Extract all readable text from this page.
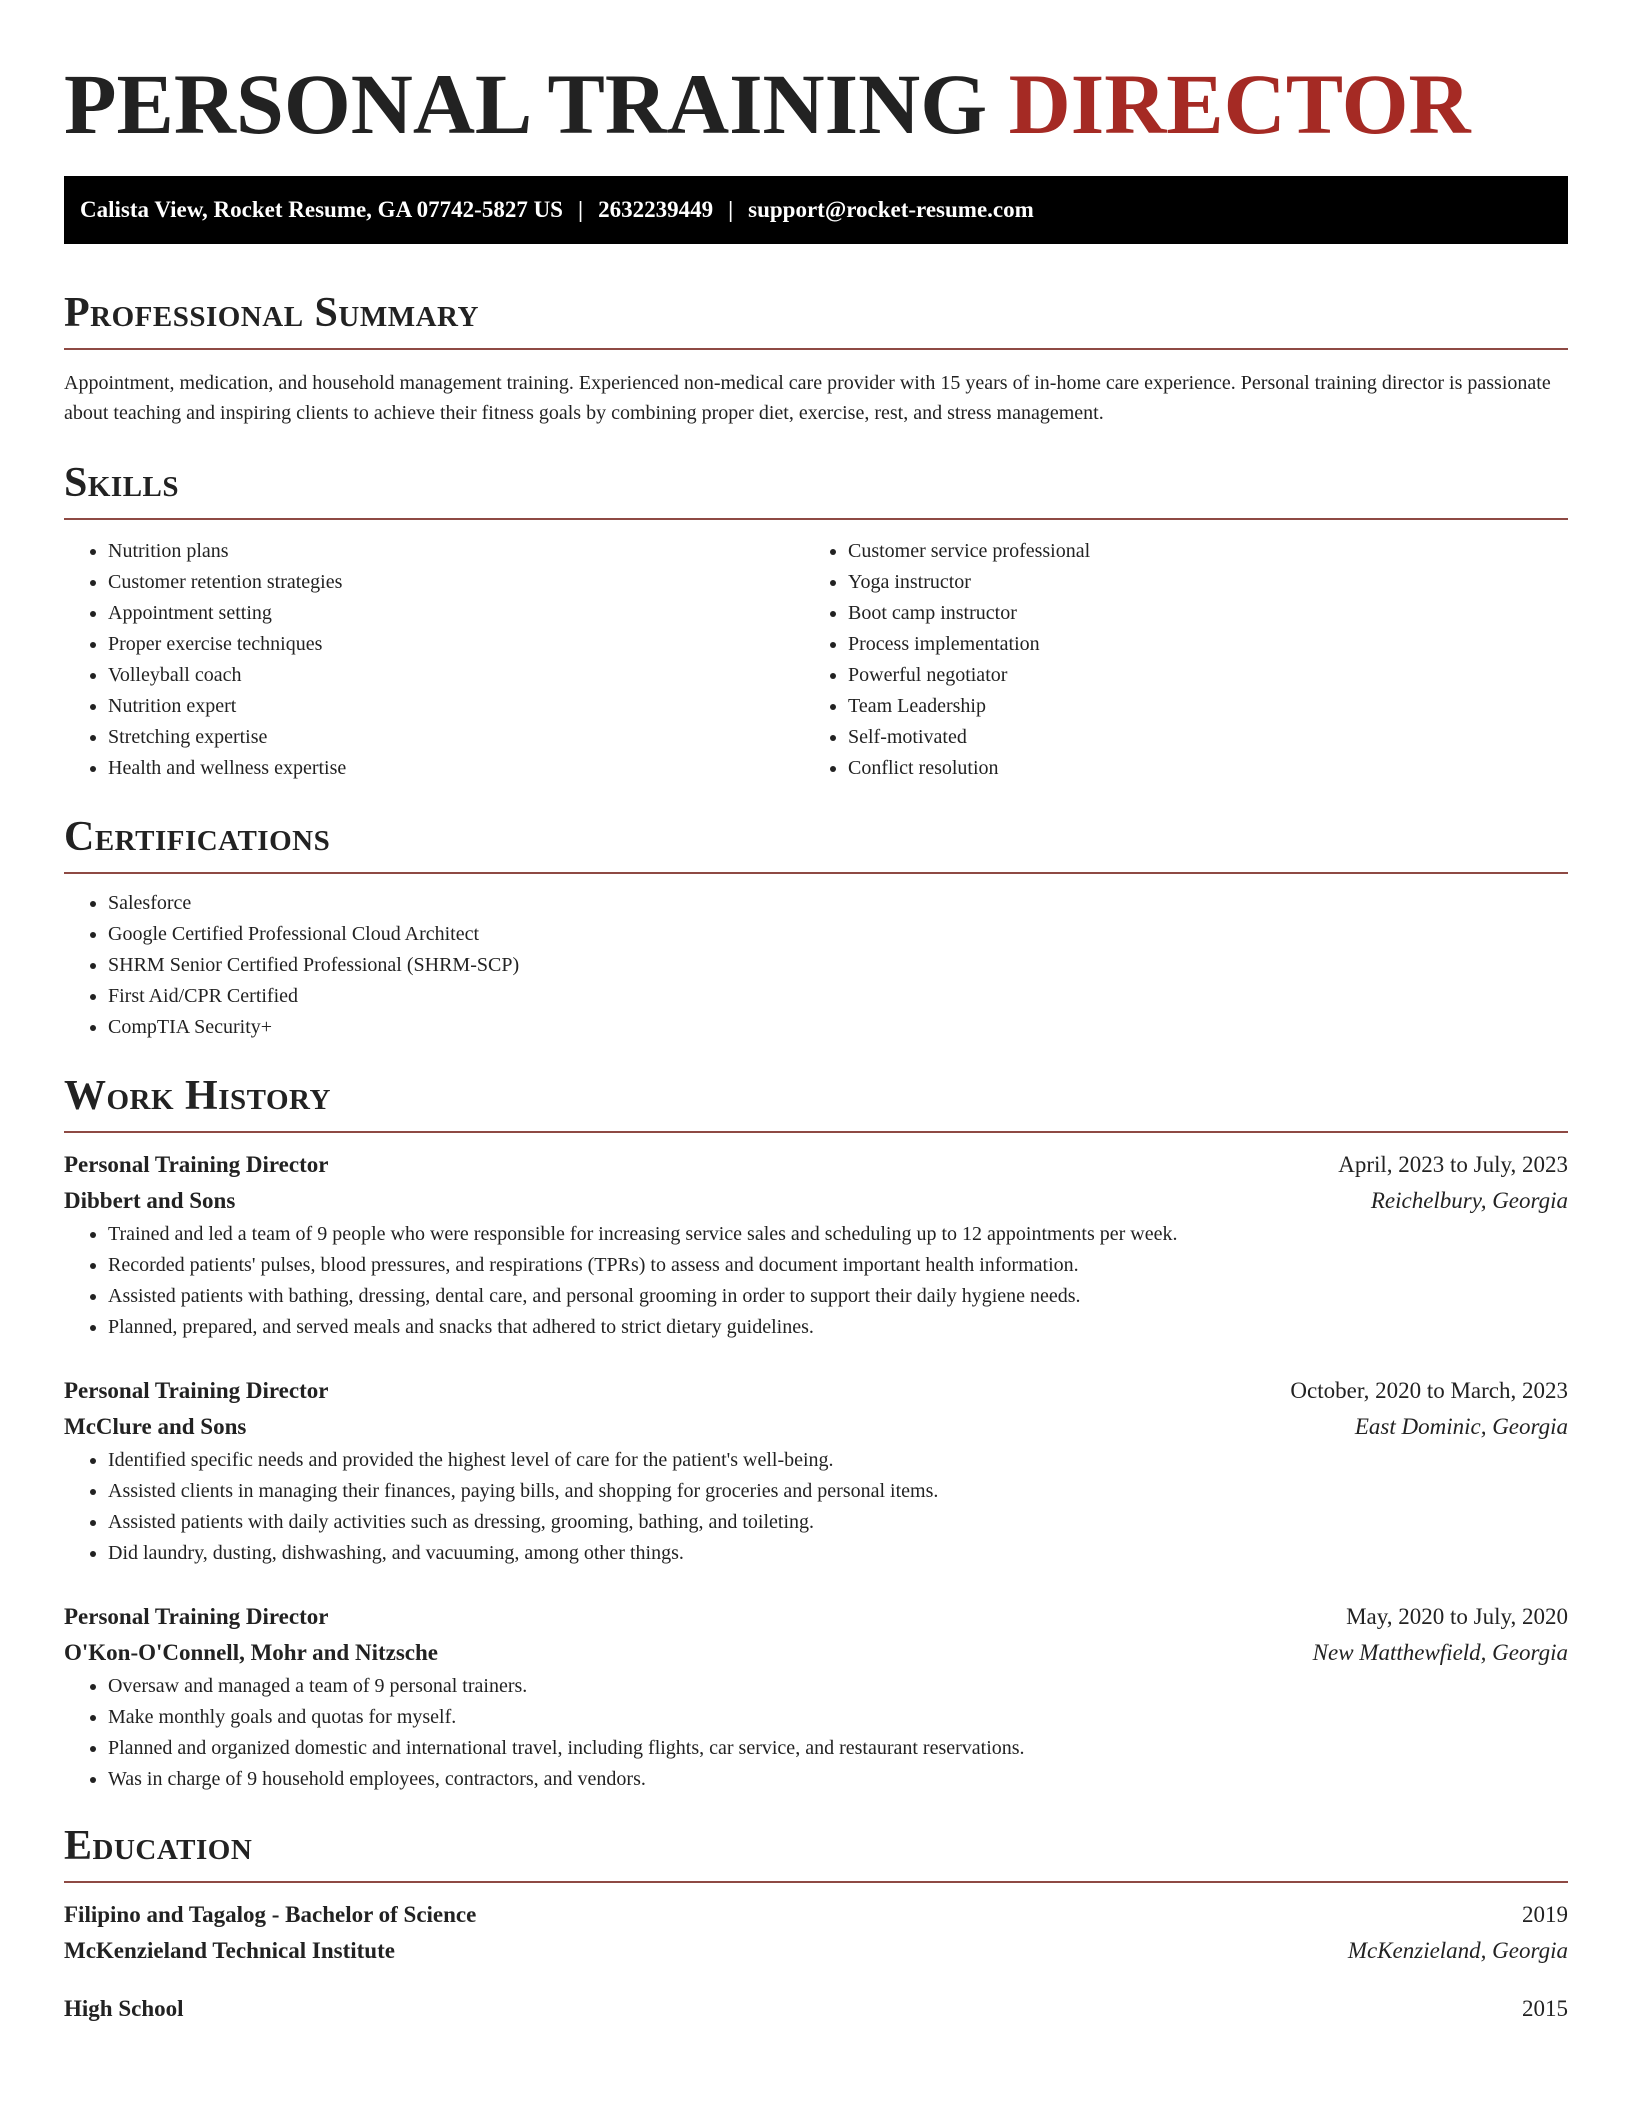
PERSONAL TRAINING DIRECTOR
Calista View, Rocket Resume, GA 07742-5827 US | 2632239449 | support@rocket-resume.com
Professional Summary

Appointment, medication, and household management training. Experienced non-medical care provider with 15 years of in-home care experience. Personal training director is passionate about teaching and inspiring clients to achieve their fitness goals by combining proper diet, exercise, rest, and stress management.

Skills
• Nutrition plans
• Customer retention strategies
• Appointment setting
• Proper exercise techniques
• Volleyball coach
• Nutrition expert
• Stretching expertise
• Health and wellness expertise
• Customer service professional
• Yoga instructor
• Boot camp instructor
• Process implementation
• Powerful negotiator
• Team Leadership
• Self-motivated
• Conflict resolution
Certifications
• Salesforce
• Google Certified Professional Cloud Architect
• SHRM Senior Certified Professional (SHRM-SCP)
• First Aid/CPR Certified
• CompTIA Security+
Work History
Personal Training Director	April, 2023 to July, 2023
Dibbert and Sons	Reichelbury, Georgia
• Trained and led a team of 9 people who were responsible for increasing service sales and scheduling up to 12 appointments per week.
• Recorded patients' pulses, blood pressures, and respirations (TPRs) to assess and document important health information.
• Assisted patients with bathing, dressing, dental care, and personal grooming in order to support their daily hygiene needs.
• Planned, prepared, and served meals and snacks that adhered to strict dietary guidelines.
Personal Training Director	October, 2020 to March, 2023
McClure and Sons	East Dominic, Georgia
• Identified specific needs and provided the highest level of care for the patient's well-being.
• Assisted clients in managing their finances, paying bills, and shopping for groceries and personal items.
• Assisted patients with daily activities such as dressing, grooming, bathing, and toileting.
• Did laundry, dusting, dishwashing, and vacuuming, among other things.
Personal Training Director	May, 2020 to July, 2020
O'Kon-O'Connell, Mohr and Nitzsche	New Matthewfield, Georgia
• Oversaw and managed a team of 9 personal trainers.
• Make monthly goals and quotas for myself.
• Planned and organized domestic and international travel, including flights, car service, and restaurant reservations.
• Was in charge of 9 household employees, contractors, and vendors.
Education
Filipino and Tagalog - Bachelor of Science	2019
McKenzieland Technical Institute	McKenzieland, Georgia
High School	2015
